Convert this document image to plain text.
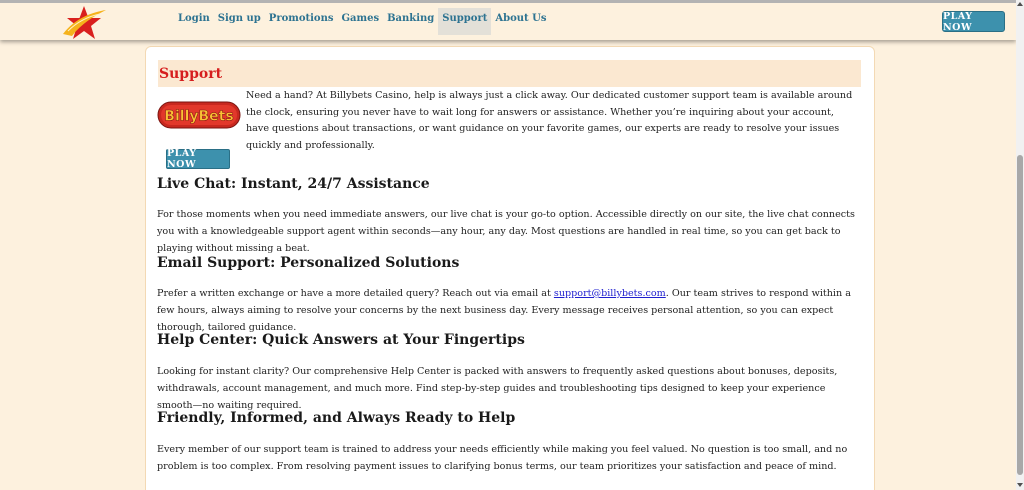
Login Sign up Promotions Games Banking Support About Us	PLAY NOW
Support
BillyBets

Need a hand? At Billybets Casino, help is always just a click away. Our dedicated customer support team is available around the clock, ensuring you never have to wait long for answers or assistance. Whether you’re inquiring about your account, have questions about transactions, or want guidance on your favorite games, our experts are ready to resolve your issues quickly and professionally.

PLAY NOW
Live Chat: Instant, 24/7 Assistance

For those moments when you need immediate answers, our live chat is your go-to option. Accessible directly on our site, the live chat connects you with a knowledgeable support agent within seconds—any hour, any day. Most questions are handled in real time, so you can get back to playing without missing a beat.

Email Support: Personalized Solutions

Prefer a written exchange or have a more detailed query? Reach out via email at support@billybets.com. Our team strives to respond within a few hours, always aiming to resolve your concerns by the next business day. Every message receives personal attention, so you can expect thorough, tailored guidance.

Help Center: Quick Answers at Your Fingertips

Looking for instant clarity? Our comprehensive Help Center is packed with answers to frequently asked questions about bonuses, deposits, withdrawals, account management, and much more. Find step-by-step guides and troubleshooting tips designed to keep your experience smooth—no waiting required.

Friendly, Informed, and Always Ready to Help

Every member of our support team is trained to address your needs efficiently while making you feel valued. No question is too small, and no problem is too complex. From resolving payment issues to clarifying bonus terms, our team prioritizes your satisfaction and peace of mind.
